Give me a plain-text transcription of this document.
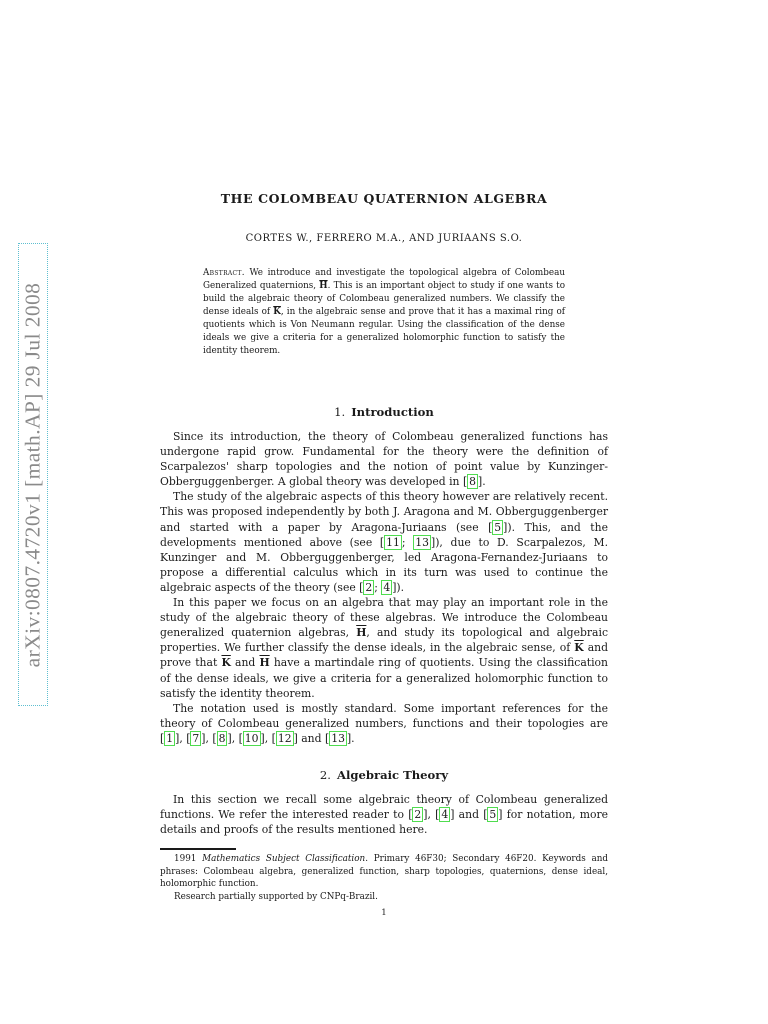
arXiv:0807.4720v1 [math.AP] 29 Jul 2008
THE COLOMBEAU QUATERNION ALGEBRA
CORTES W., FERRERO M.A., AND JURIAANS S.O.

Abstract. We introduce and investigate the topological algebra of Colombeau Generalized quaternions, $\overline{H}$. This is an important object to study if one wants to build the algebraic theory of Colombeau generalized numbers. We classify the dense ideals of $\overline{K}$, in the algebraic sense and prove that it has a maximal ring of quotients which is Von Neumann regular. Using the classification of the dense ideals we give a criteria for a generalized holomorphic function to satisfy the identity theorem.

1. Introduction

Since its introduction, the theory of Colombeau generalized functions has undergone rapid grow. Fundamental for the theory were the definition of Scarpalezos' sharp topologies and the notion of point value by Kunzinger-Obberguggenberger. A global theory was developed in [ 8 ].

The study of the algebraic aspects of this theory however are relatively recent. This was proposed independently by both J. Aragona and M. Obberguggenberger and started with a paper by Aragona-Juriaans (see [ 5 ]). This, and the developments mentioned above (see [ 11 ; 13 ]), due to D. Scarpalezos, M. Kunzinger and M. Obberguggenberger, led Aragona-Fernandez-Juriaans to propose a differential calculus which in its turn was used to continue the algebraic aspects of the theory (see [ 2 ; 4 ]).

In this paper we focus on an algebra that may play an important role in the study of the algebraic theory of these algebras. We introduce the Colombeau generalized quaternion algebras, $\overline{H}$, and study its topological and algebraic properties. We further classify the dense ideals, in the algebraic sense, of $\overline{K}$ and prove that $\overline{K}$ and $\overline{H}$ have a martindale ring of quotients. Using the classification of the dense ideals, we give a criteria for a generalized holomorphic function to satisfy the identity theorem.

The notation used is mostly standard. Some important references for the theory of Colombeau generalized numbers, functions and their topologies are [ 1 ], [ 7 ], [ 8 ], [ 10 ], [ 12 ] and [ 13 ].

2. Algebraic Theory

In this section we recall some algebraic theory of Colombeau generalized functions. We refer the interested reader to [ 2 ], [ 4 ] and [ 5 ] for notation, more details and proofs of the results mentioned here.

1991 Mathematics Subject Classification. Primary 46F30; Secondary 46F20. Keywords and phrases: Colombeau algebra, generalized function, sharp topologies, quaternions, dense ideal, holomorphic function.

Research partially supported by CNPq-Brazil.

1
